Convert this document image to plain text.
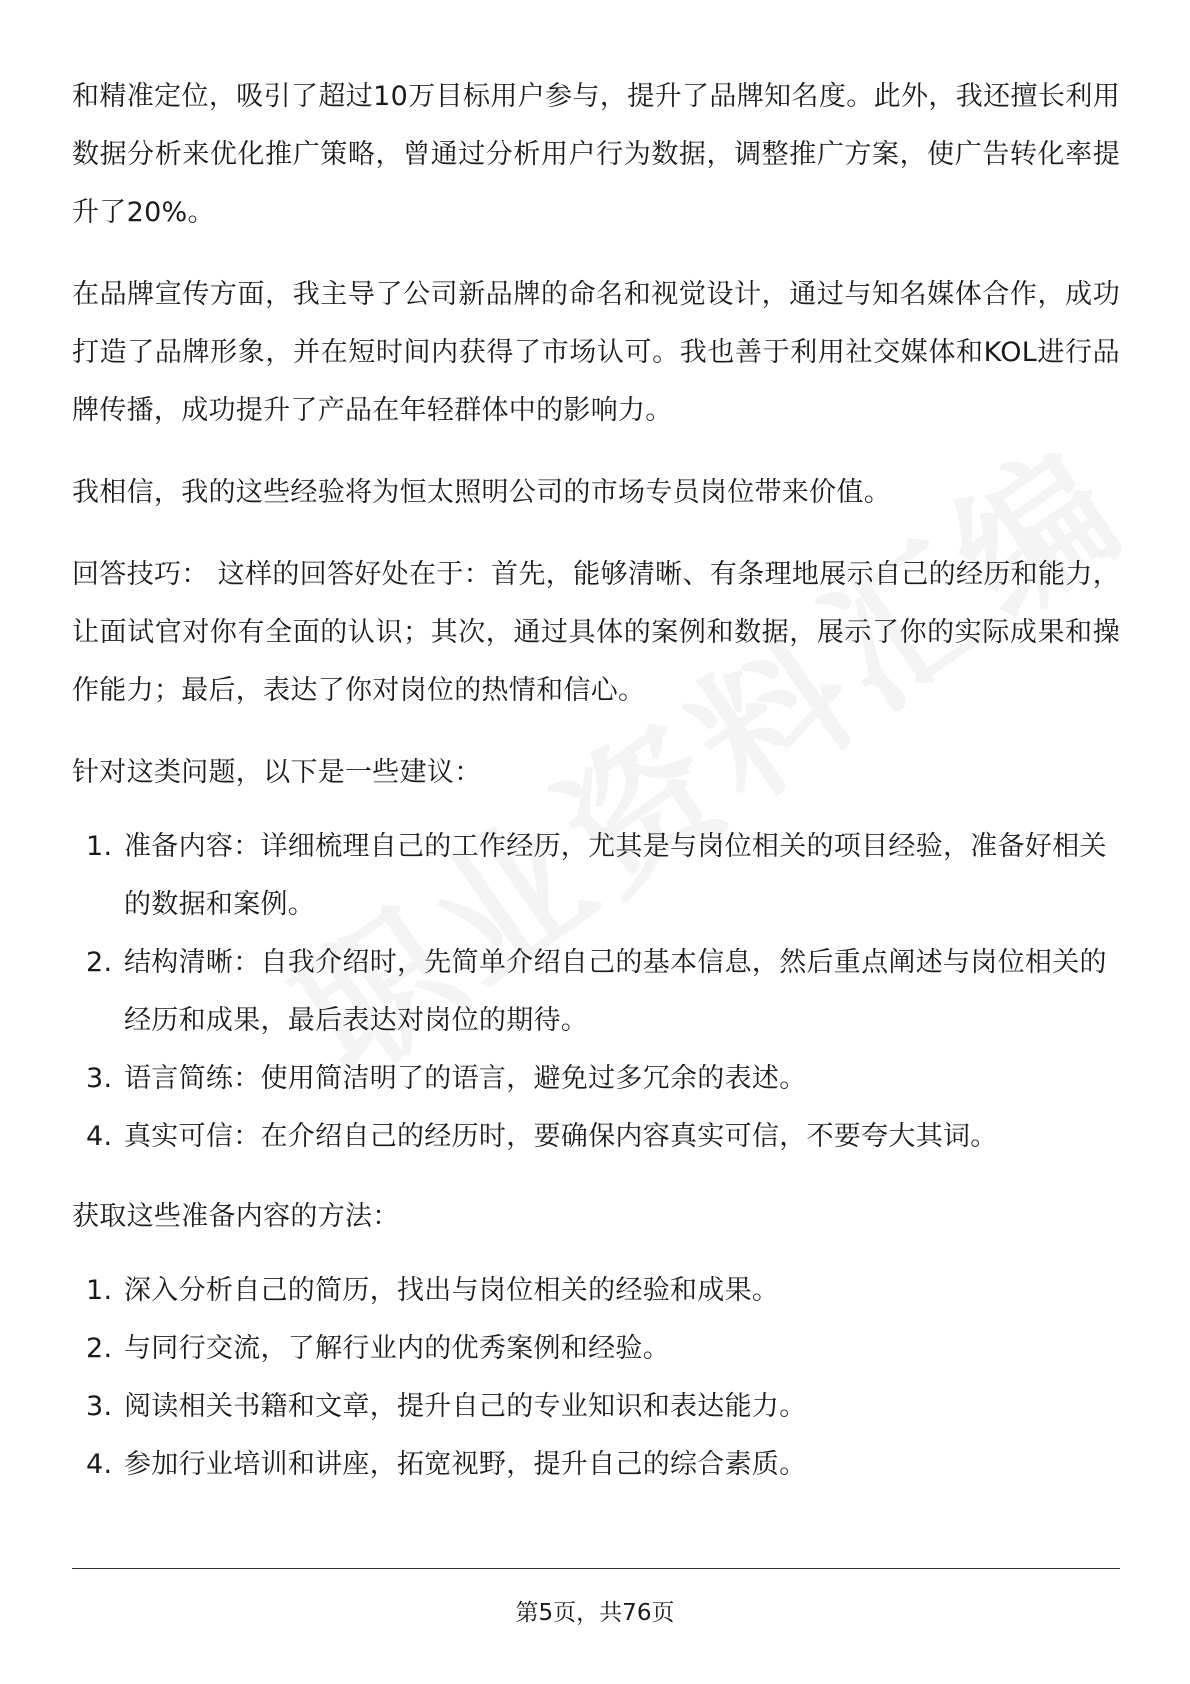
和精准定位，吸引了超过10万目标用户参与，提升了品牌知名度。此外，我还擅长利用数据分析来优化推广策略，曾通过分析用户行为数据，调整推广方案，使广告转化率提升了20%。

在品牌宣传方面，我主导了公司新品牌的命名和视觉设计，通过与知名媒体合作，成功打造了品牌形象，并在短时间内获得了市场认可。我也善于利用社交媒体和KOL进行品牌传播，成功提升了产品在年轻群体中的影响力。

我相信，我的这些经验将为恒太照明公司的市场专员岗位带来价值。

回答技巧： 这样的回答好处在于：首先，能够清晰、有条理地展示自己的经历和能力，让面试官对你有全面的认识；其次，通过具体的案例和数据，展示了你的实际成果和操作能力；最后，表达了你对岗位的热情和信心。

针对这类问题，以下是一些建议：

1. 准备内容：详细梳理自己的工作经历，尤其是与岗位相关的项目经验，准备好相关的数据和案例。
2. 结构清晰：自我介绍时，先简单介绍自己的基本信息，然后重点阐述与岗位相关的经历和成果，最后表达对岗位的期待。
3. 语言简练：使用简洁明了的语言，避免过多冗余的表述。
4. 真实可信：在介绍自己的经历时，要确保内容真实可信，不要夸大其词。

获取这些准备内容的方法：

1. 深入分析自己的简历，找出与岗位相关的经验和成果。
2. 与同行交流，了解行业内的优秀案例和经验。
3. 阅读相关书籍和文章，提升自己的专业知识和表达能力。
4. 参加行业培训和讲座，拓宽视野，提升自己的综合素质。
第5页，共76页
